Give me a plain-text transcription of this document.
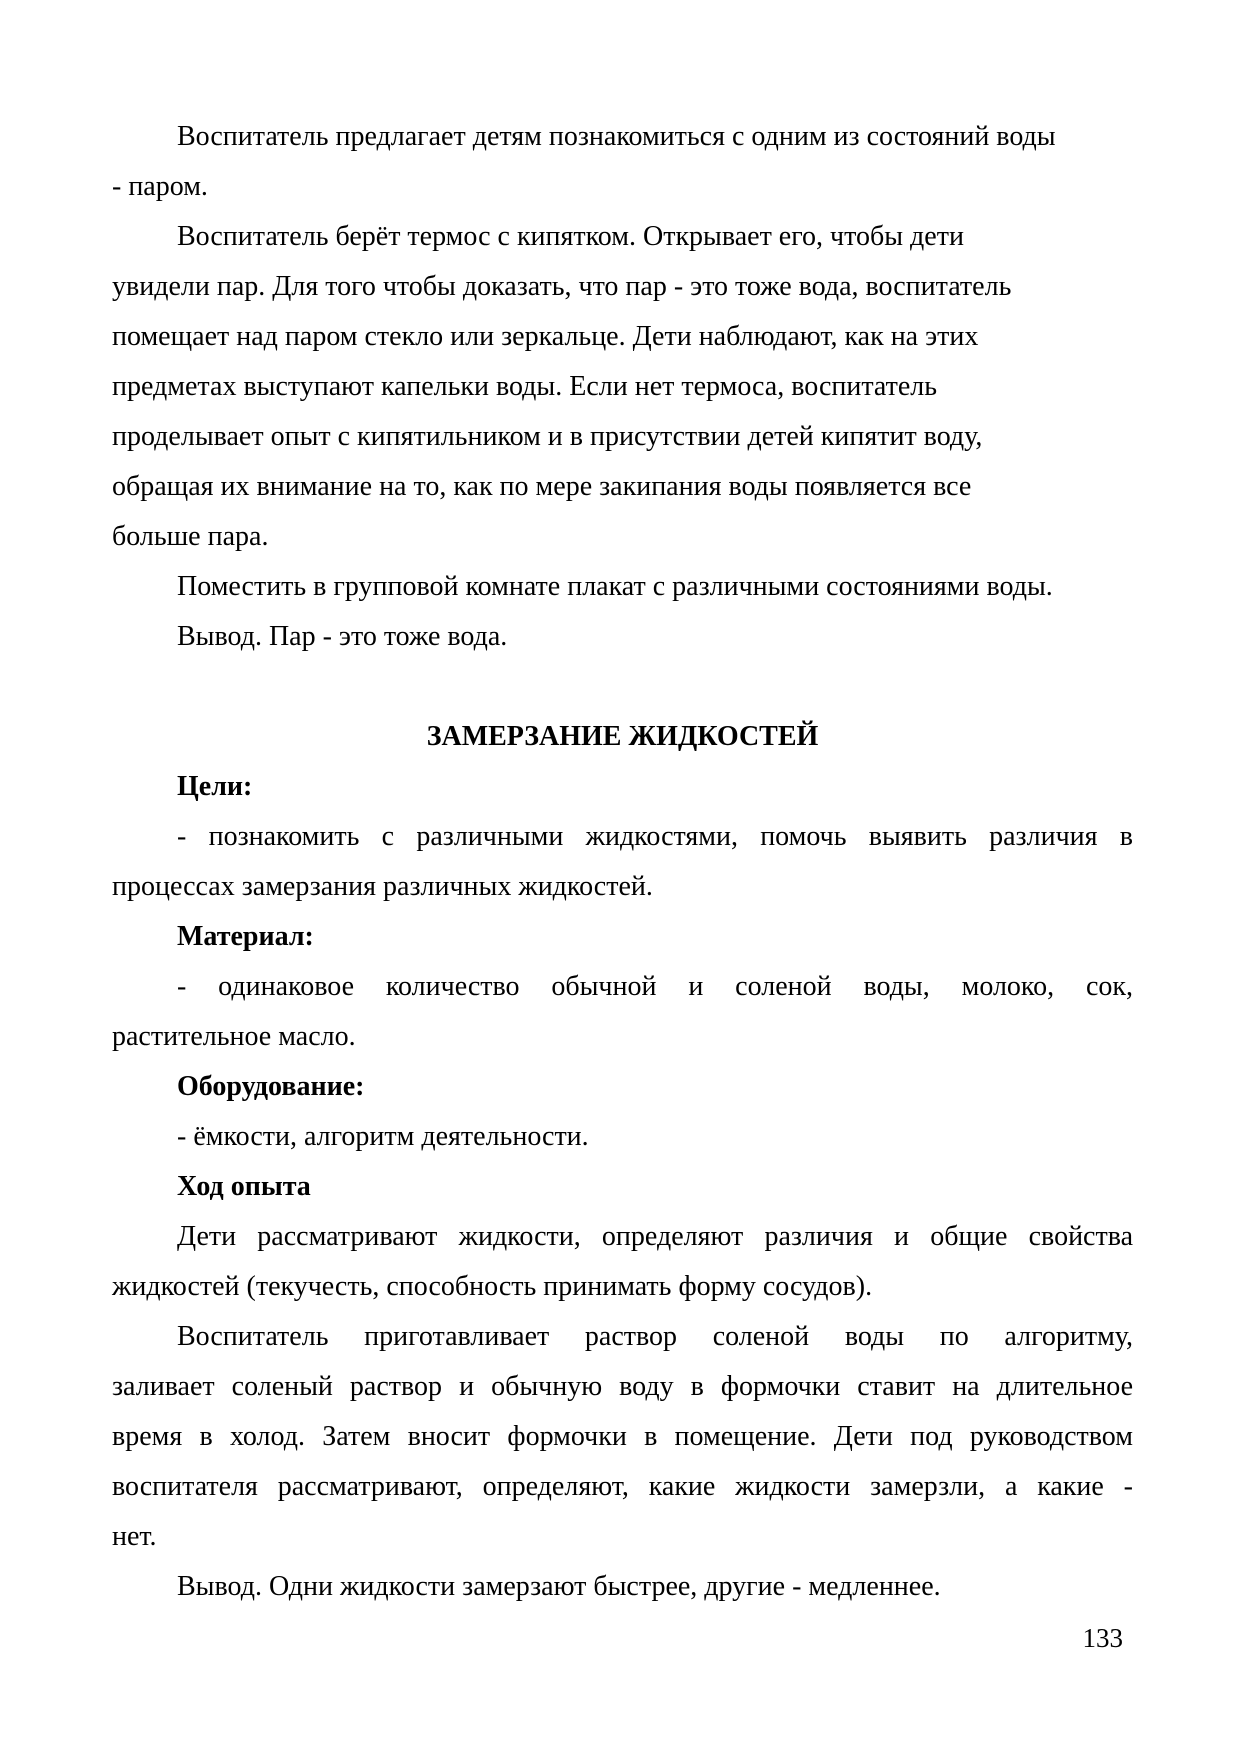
Воспитатель предлагает детям познакомиться с одним из состояний воды
- паром.
Воспитатель берёт термос с кипятком. Открывает его, чтобы дети
увидели пар. Для того чтобы доказать, что пар - это тоже вода, воспитатель
помещает над паром стекло или зеркальце. Дети наблюдают, как на этих
предметах выступают капельки воды. Если нет термоса, воспитатель
проделывает опыт с кипятильником и в присутствии детей кипятит воду,
обращая их внимание на то, как по мере закипания воды появляется все
больше пара.
Поместить в групповой комнате плакат с различными состояниями воды.
Вывод. Пар - это тоже вода.
ЗАМЕРЗАНИЕ ЖИДКОСТЕЙ
Цели:
- познакомить с различными жидкостями, помочь выявить различия в
процессах замерзания различных жидкостей.
Материал:
- одинаковое количество обычной и соленой воды, молоко, сок,
растительное масло.
Оборудование:
- ёмкости, алгоритм деятельности.
Ход опыта
Дети рассматривают жидкости, определяют различия и общие свойства
жидкостей (текучесть, способность принимать форму сосудов).
Воспитатель приготавливает раствор соленой воды по алгоритму,
заливает соленый раствор и обычную воду в формочки ставит на длительное
время в холод. Затем вносит формочки в помещение. Дети под руководством
воспитателя рассматривают, определяют, какие жидкости замерзли, а какие -
нет.
Вывод. Одни жидкости замерзают быстрее, другие - медленнее.
133
